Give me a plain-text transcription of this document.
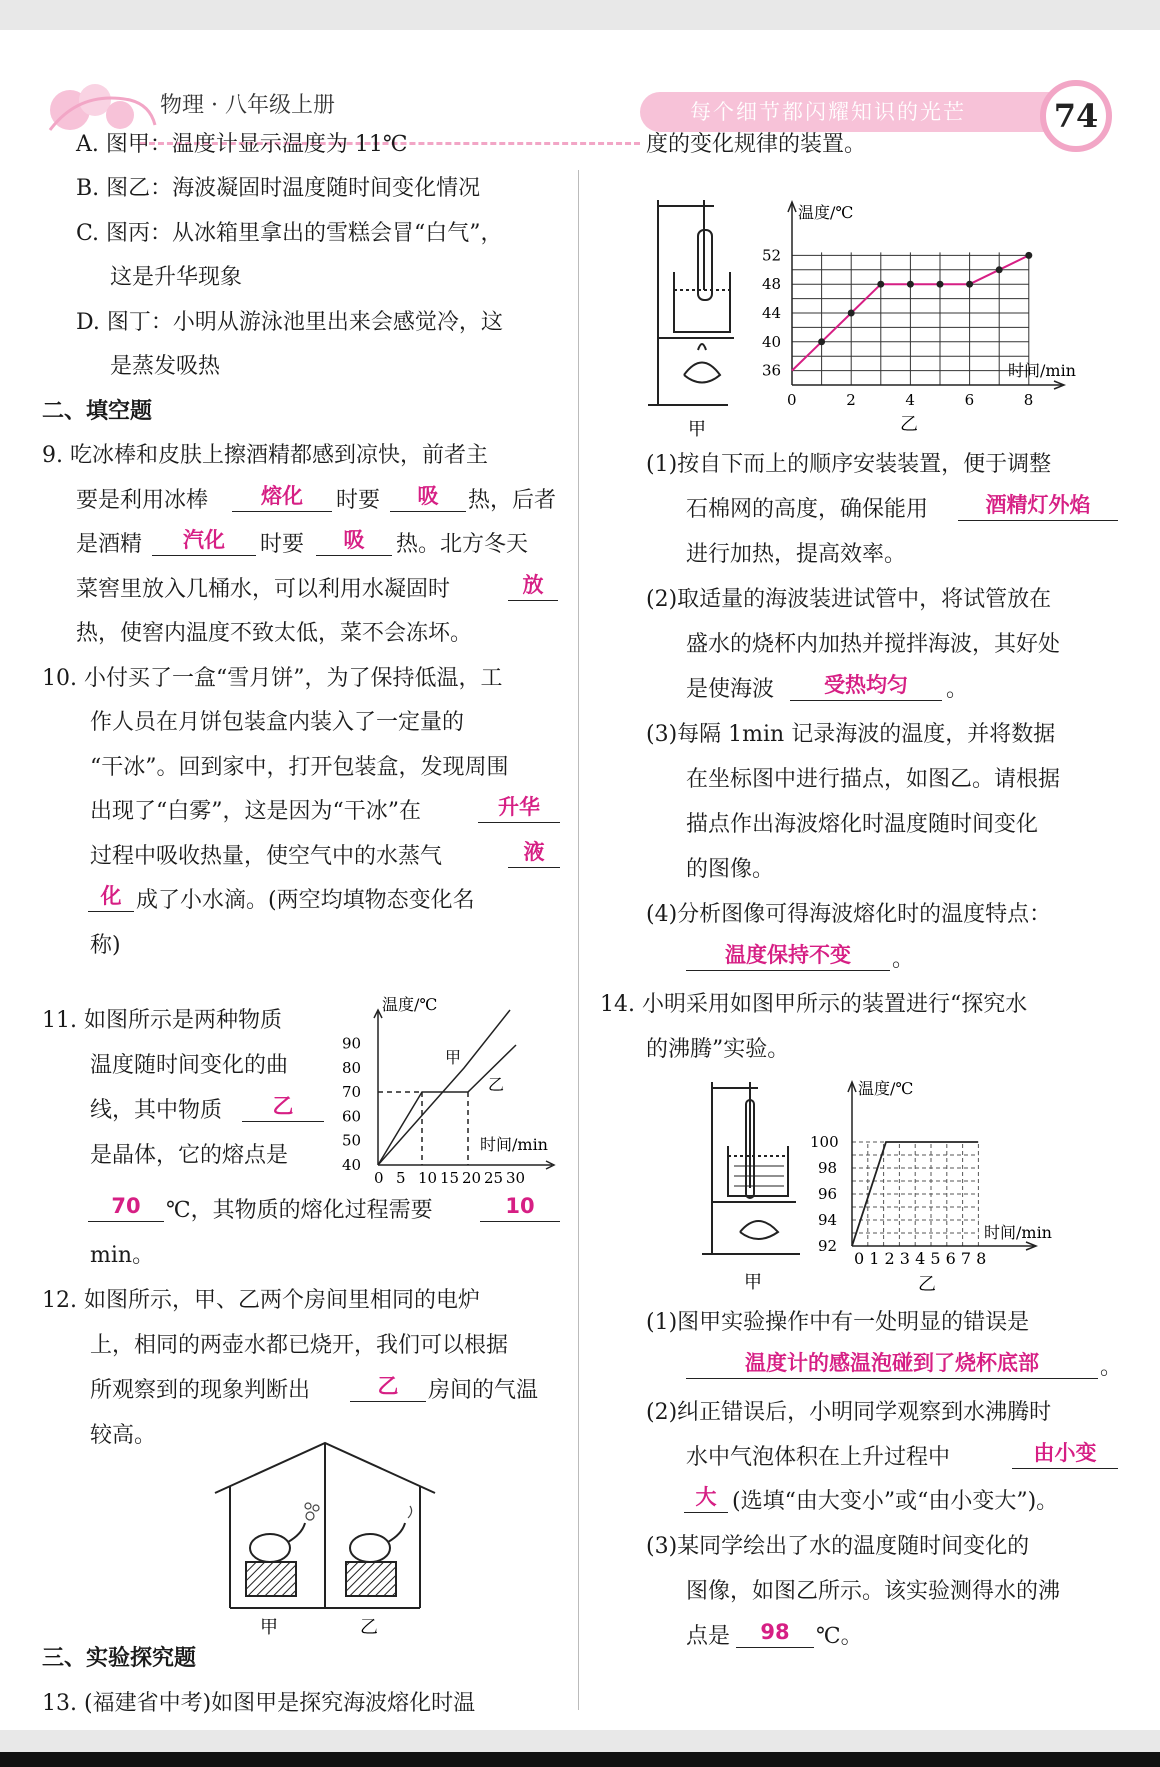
物理 · 八年级上册	每个细节都闪耀知识的光芒	74
A. 图甲：温度计显示温度为 11℃
B. 图乙：海波凝固时温度随时间变化情况
C. 图丙：从冰箱里拿出的雪糕会冒“白气”，
这是升华现象
D. 图丁：小明从游泳池里出来会感觉冷，这
是蒸发吸热
二、填空题
9. 吃冰棒和皮肤上擦酒精都感到凉快，前者主
要是利用冰棒	熔化	时要	吸	热，后者
是酒精	汽化	时要	吸	热。北方冬天
菜窖里放入几桶水，可以利用水凝固时	放
热，使窖内温度不致太低，菜不会冻坏。
10. 小付买了一盒“雪月饼”，为了保持低温，工
作人员在月饼包装盒内装入了一定量的
“干冰”。回到家中，打开包装盒，发现周围
出现了“白雾”，这是因为“干冰”在	升华
过程中吸收热量，使空气中的水蒸气	液
化 成了小水滴。(两空均填物态变化名
称)
11. 如图所示是两种物质
温度随时间变化的曲
线，其中物质	乙
是晶体，它的熔点是
70	℃，其物质的熔化过程需要	10
min。
40
50
60
70
80
90
0 5 10 15 20 25 30
温度/℃
时间/min
甲
乙
12. 如图所示，甲、乙两个房间里相同的电炉
上，相同的两壶水都已烧开，我们可以根据
所观察到的现象判断出	乙	房间的气温
较高。
甲	乙
三、实验探究题
13. (福建省中考)如图甲是探究海波熔化时温
度的变化规律的装置。
甲
36
40
44
48
52
0	2	4	6	8
温度/℃
时间/min
乙
(1)按自下而上的顺序安装装置，便于调整
石棉网的高度，确保能用	酒精灯外焰
进行加热，提高效率。
(2)取适量的海波装进试管中，将试管放在
盛水的烧杯内加热并搅拌海波，其好处
是使海波	受热均匀	。
(3)每隔 1min 记录海波的温度，并将数据
在坐标图中进行描点，如图乙。请根据
描点作出海波熔化时温度随时间变化
的图像。
(4)分析图像可得海波熔化时的温度特点：
温度保持不变	。
14. 小明采用如图甲所示的装置进行“探究水
的沸腾”实验。
甲
92
94
96
98
100
温度/℃
时间/min
0 1 2 3 4 5 6 7 8
乙
(1)图甲实验操作中有一处明显的错误是
温度计的感温泡碰到了烧杯底部	。
(2)纠正错误后，小明同学观察到水沸腾时
水中气泡体积在上升过程中	由小变
大 (选填“由大变小”或“由小变大”)。
(3)某同学绘出了水的温度随时间变化的
图像，如图乙所示。该实验测得水的沸
点是	98	℃。
